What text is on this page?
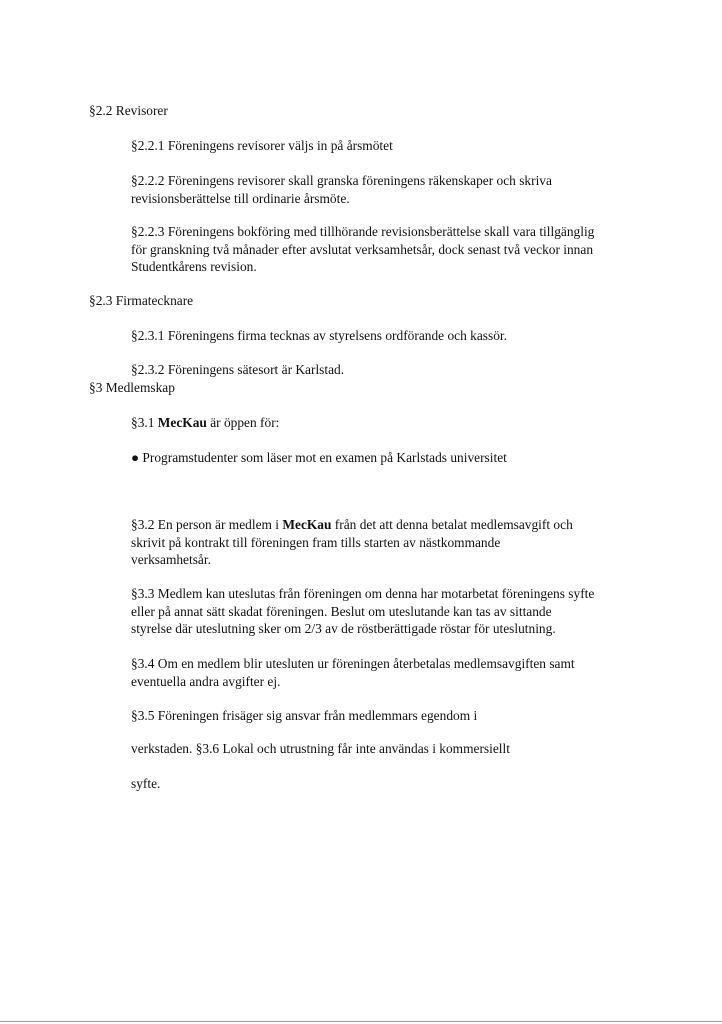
§2.2 Revisorer
§2.2.1 Föreningens revisorer väljs in på årsmötet
§2.2.2 Föreningens revisorer skall granska föreningens räkenskaper och skriva
revisionsberättelse till ordinarie årsmöte.
§2.2.3 Föreningens bokföring med tillhörande revisionsberättelse skall vara tillgänglig
för granskning två månader efter avslutat verksamhetsår, dock senast två veckor innan
Studentkårens revision.
§2.3 Firmatecknare
§2.3.1 Föreningens firma tecknas av styrelsens ordförande och kassör.
§2.3.2 Föreningens sätesort är Karlstad.
§3 Medlemskap
§3.1 MecKau är öppen för:
● Programstudenter som läser mot en examen på Karlstads universitet
§3.2 En person är medlem i MecKau från det att denna betalat medlemsavgift och
skrivit på kontrakt till föreningen fram tills starten av nästkommande
verksamhetsår.
§3.3 Medlem kan uteslutas från föreningen om denna har motarbetat föreningens syfte
eller på annat sätt skadat föreningen. Beslut om uteslutande kan tas av sittande
styrelse där uteslutning sker om 2/3 av de röstberättigade röstar för uteslutning.
§3.4 Om en medlem blir utesluten ur föreningen återbetalas medlemsavgiften samt
eventuella andra avgifter ej.
§3.5 Föreningen frisäger sig ansvar från medlemmars egendom i
verkstaden. §3.6 Lokal och utrustning får inte användas i kommersiellt
syfte.
